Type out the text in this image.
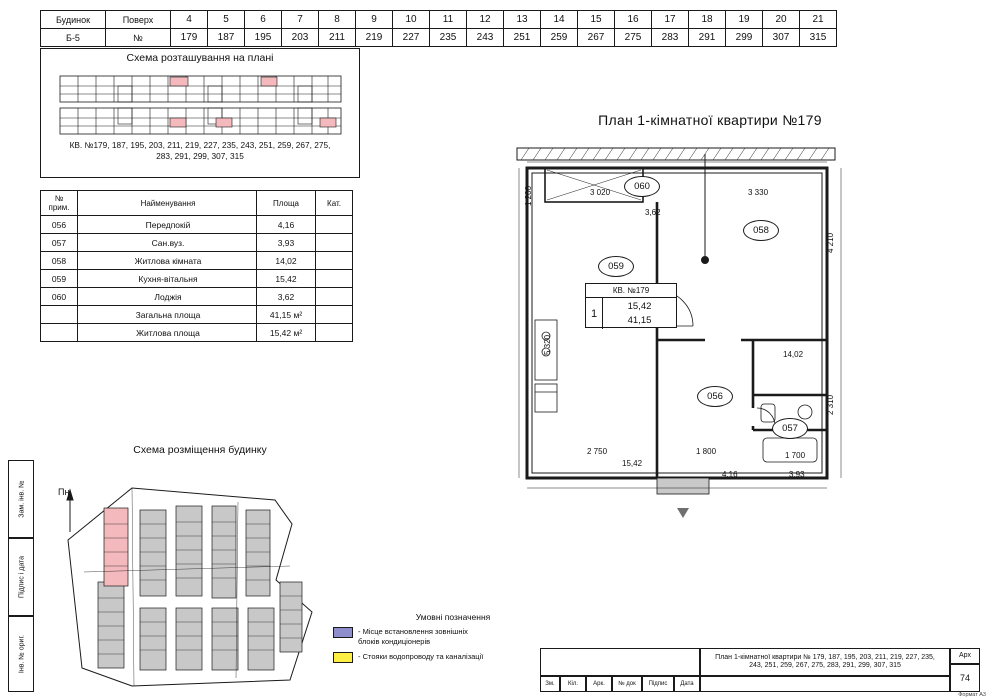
Будинок	Поверх	4	5	6	7	8	9	10	11	12	13	14	15	16	17	18	19	20	21
Б-5	№	179	187	195	203	211	219	227	235	243	251	259	267	275	283	291	299	307	315
Схема розташування на плані
КВ. №179, 187, 195, 203, 211, 219, 227, 235, 243, 251, 259, 267, 275,
283, 291, 299, 307, 315
№ прим.	Найменування	Площа	Кат.
056	Передпокій	4,16	
057	Сан.вуз.	3,93	
058	Житлова кімната	14,02	
059	Кухня-вітальня	15,42	
060	Лоджія	3,62	
	Загальна площа	41,15 м²	
	Житлова площа	15,42 м²	
Схема розміщення будинку
Пн
Умовні позначення
- Місце встановлення зовнішніх
блоків кондиціонерів
- Стояки водопроводу та каналізації
План 1-кімнатної квартири №179
КВ. №179
1
15,42
41,15
060
058
059
056
057
14,02
15,42
4,16	3,93
3,62
3 020	3 330
2 750	1 800	1 700
1 200
5 320
4 210
2 310
Зам. інв. №
Підпис і дата
Інв. № ориг.
Зм.	Кіл.	Арк.	№ док	Підпис	Дата
План 1-кімнатної квартири № 179, 187, 195, 203, 211, 219, 227, 235,
243, 251, 259, 267, 275, 283, 291, 299, 307, 315
Арх
74
Формат А3
